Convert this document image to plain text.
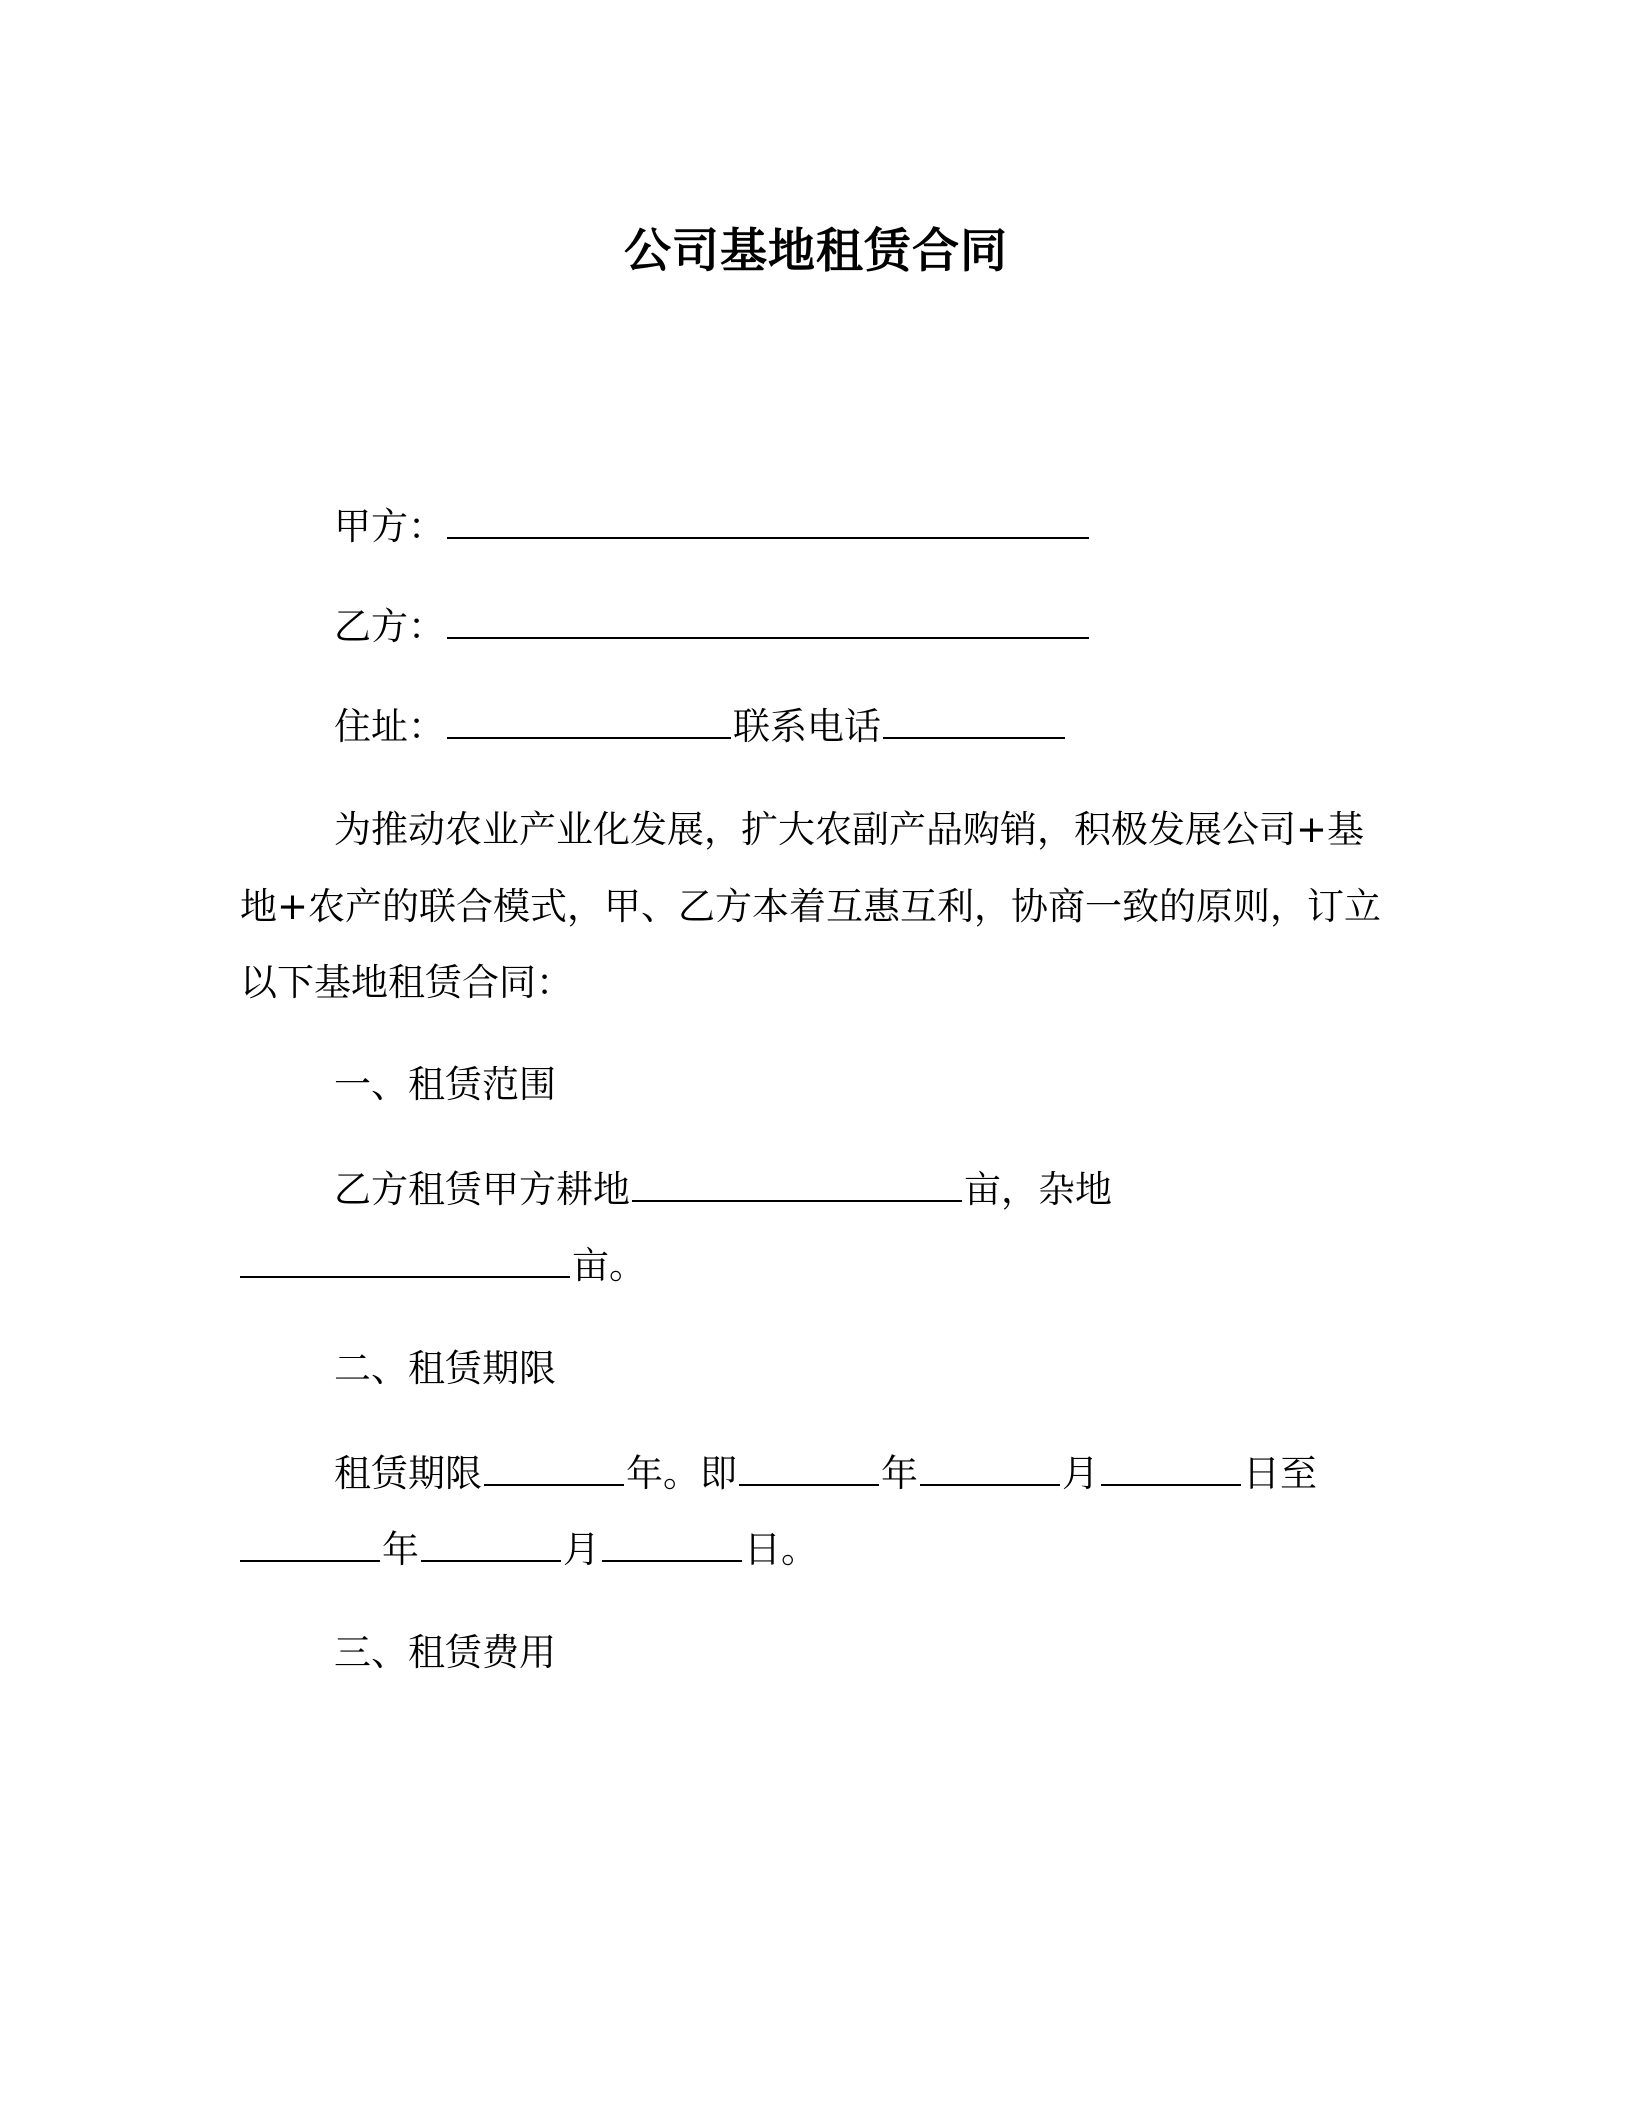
公司基地租赁合同
甲方：
乙方：
住址：	联系电话
为推动农业产业化发展，扩大农副产品购销，积极发展公司+基
地+农产的联合模式，甲、乙方本着互惠互利，协商一致的原则，订立
以下基地租赁合同：
一、租赁范围
乙方租赁甲方耕地	亩，杂地
亩。
二、租赁期限
租赁期限	年。即	年	月	日至
年	月	日。
三、租赁费用
